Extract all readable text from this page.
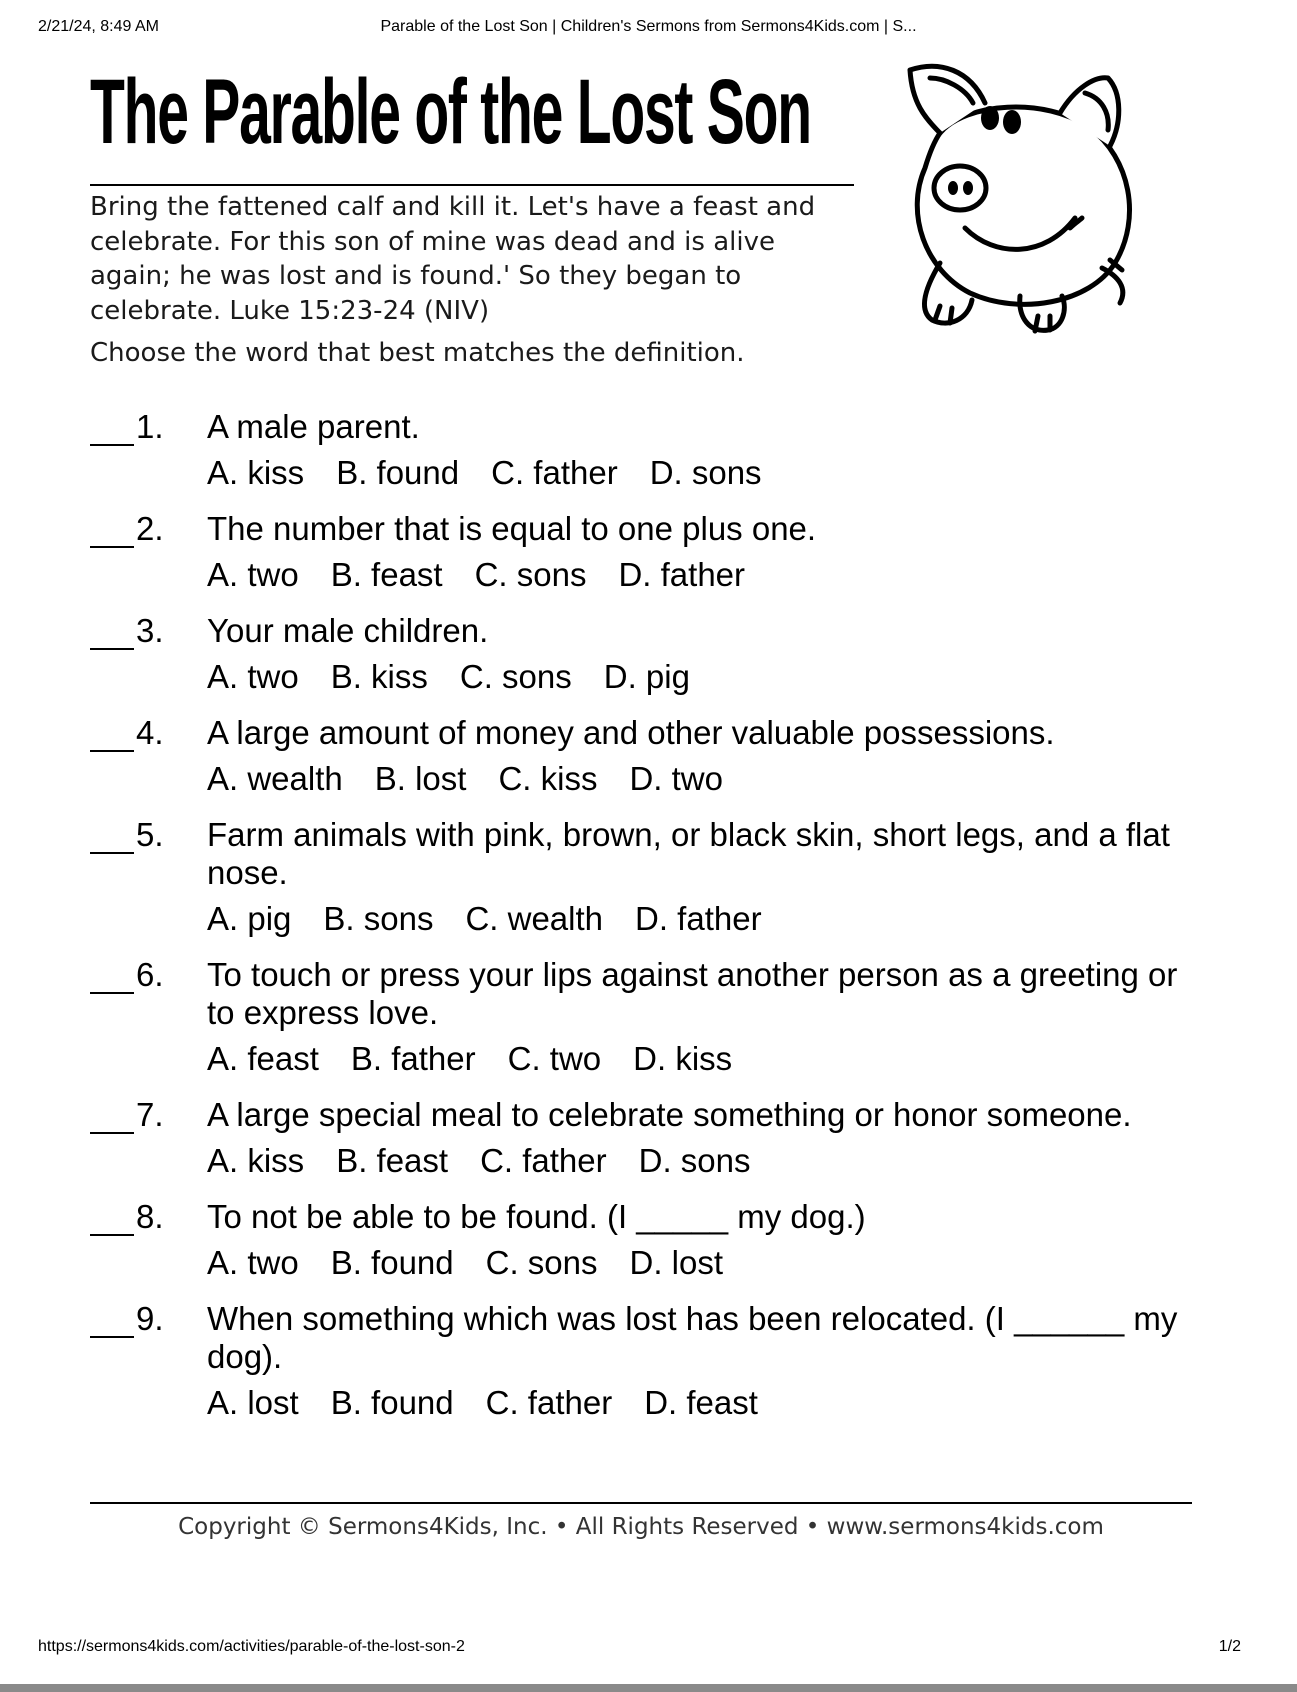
2/21/24, 8:49 AM	Parable of the Lost Son | Children's Sermons from Sermons4Kids.com | S...
The Parable of the Lost Son
Bring the fattened calf and kill it. Let's have a feast and celebrate. For this son of mine was dead and is alive again; he was lost and is found.' So they began to celebrate. Luke 15:23-24 (NIV)
Choose the word that best matches the definition.
1. A male parent.
A. kiss B. found C. father D. sons
2. The number that is equal to one plus one.
A. two B. feast C. sons D. father
3. Your male children.
A. two B. kiss C. sons D. pig
4. A large amount of money and other valuable possessions.
A. wealth B. lost C. kiss D. two
5. Farm animals with pink, brown, or black skin, short legs, and a flat nose.
A. pig B. sons C. wealth D. father
6. To touch or press your lips against another person as a greeting or to express love.
A. feast B. father C. two D. kiss
7. A large special meal to celebrate something or honor someone.
A. kiss B. feast C. father D. sons
8. To not be able to be found. (I _____ my dog.)
A. two B. found C. sons D. lost
9. When something which was lost has been relocated. (I ______ my dog).
A. lost B. found C. father D. feast
Copyright © Sermons4Kids, Inc. • All Rights Reserved • www.sermons4kids.com
https://sermons4kids.com/activities/parable-of-the-lost-son-2	1/2
